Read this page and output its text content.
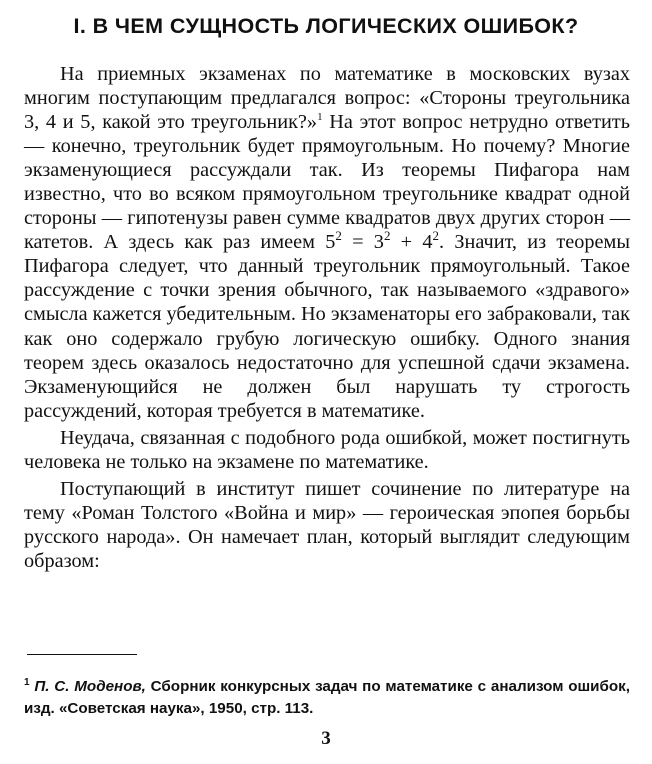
I. В ЧЕМ СУЩНОСТЬ ЛОГИЧЕСКИХ ОШИБОК?

На приемных экзаменах по математике в московских вузах многим поступающим предлагался вопрос: «Стороны треугольника 3, 4 и 5, какой это треугольник?»$^1$ На этот вопрос нетрудно ответить — конечно, треугольник будет прямоугольным. Но почему? Многие экзаменующиеся рассуждали так. Из теоремы Пифагора нам известно, что во всяком прямоугольном треугольнике квадрат одной стороны — гипотенузы равен сумме квадратов двух других сторон — катетов. А здесь как раз имеем $5^2 = 3^2 + 4^2$. Значит, из теоремы Пифагора следует, что данный треугольник прямоугольный. Такое рассуждение с точки зрения обычного, так называемого «здравого» смысла кажется убедительным. Но экзаменаторы его забраковали, так как оно содержало грубую логическую ошибку. Одного знания теорем здесь оказалось недостаточно для успешной сдачи экзамена. Экзаменующийся не должен был нарушать ту строгость рассуждений, которая требуется в математике.

Неудача, связанная с подобного рода ошибкой, может постигнуть человека не только на экзамене по математике.

Поступающий в институт пишет сочинение по литературе на тему «Роман Толстого «Война и мир» — героическая эпопея борьбы русского народа». Он намечает план, который выглядит следующим образом:

$^1$ П. С. Моденов, Сборник конкурсных задач по математике с анализом ошибок, изд. «Советская наука», 1950, стр. 113.
3
